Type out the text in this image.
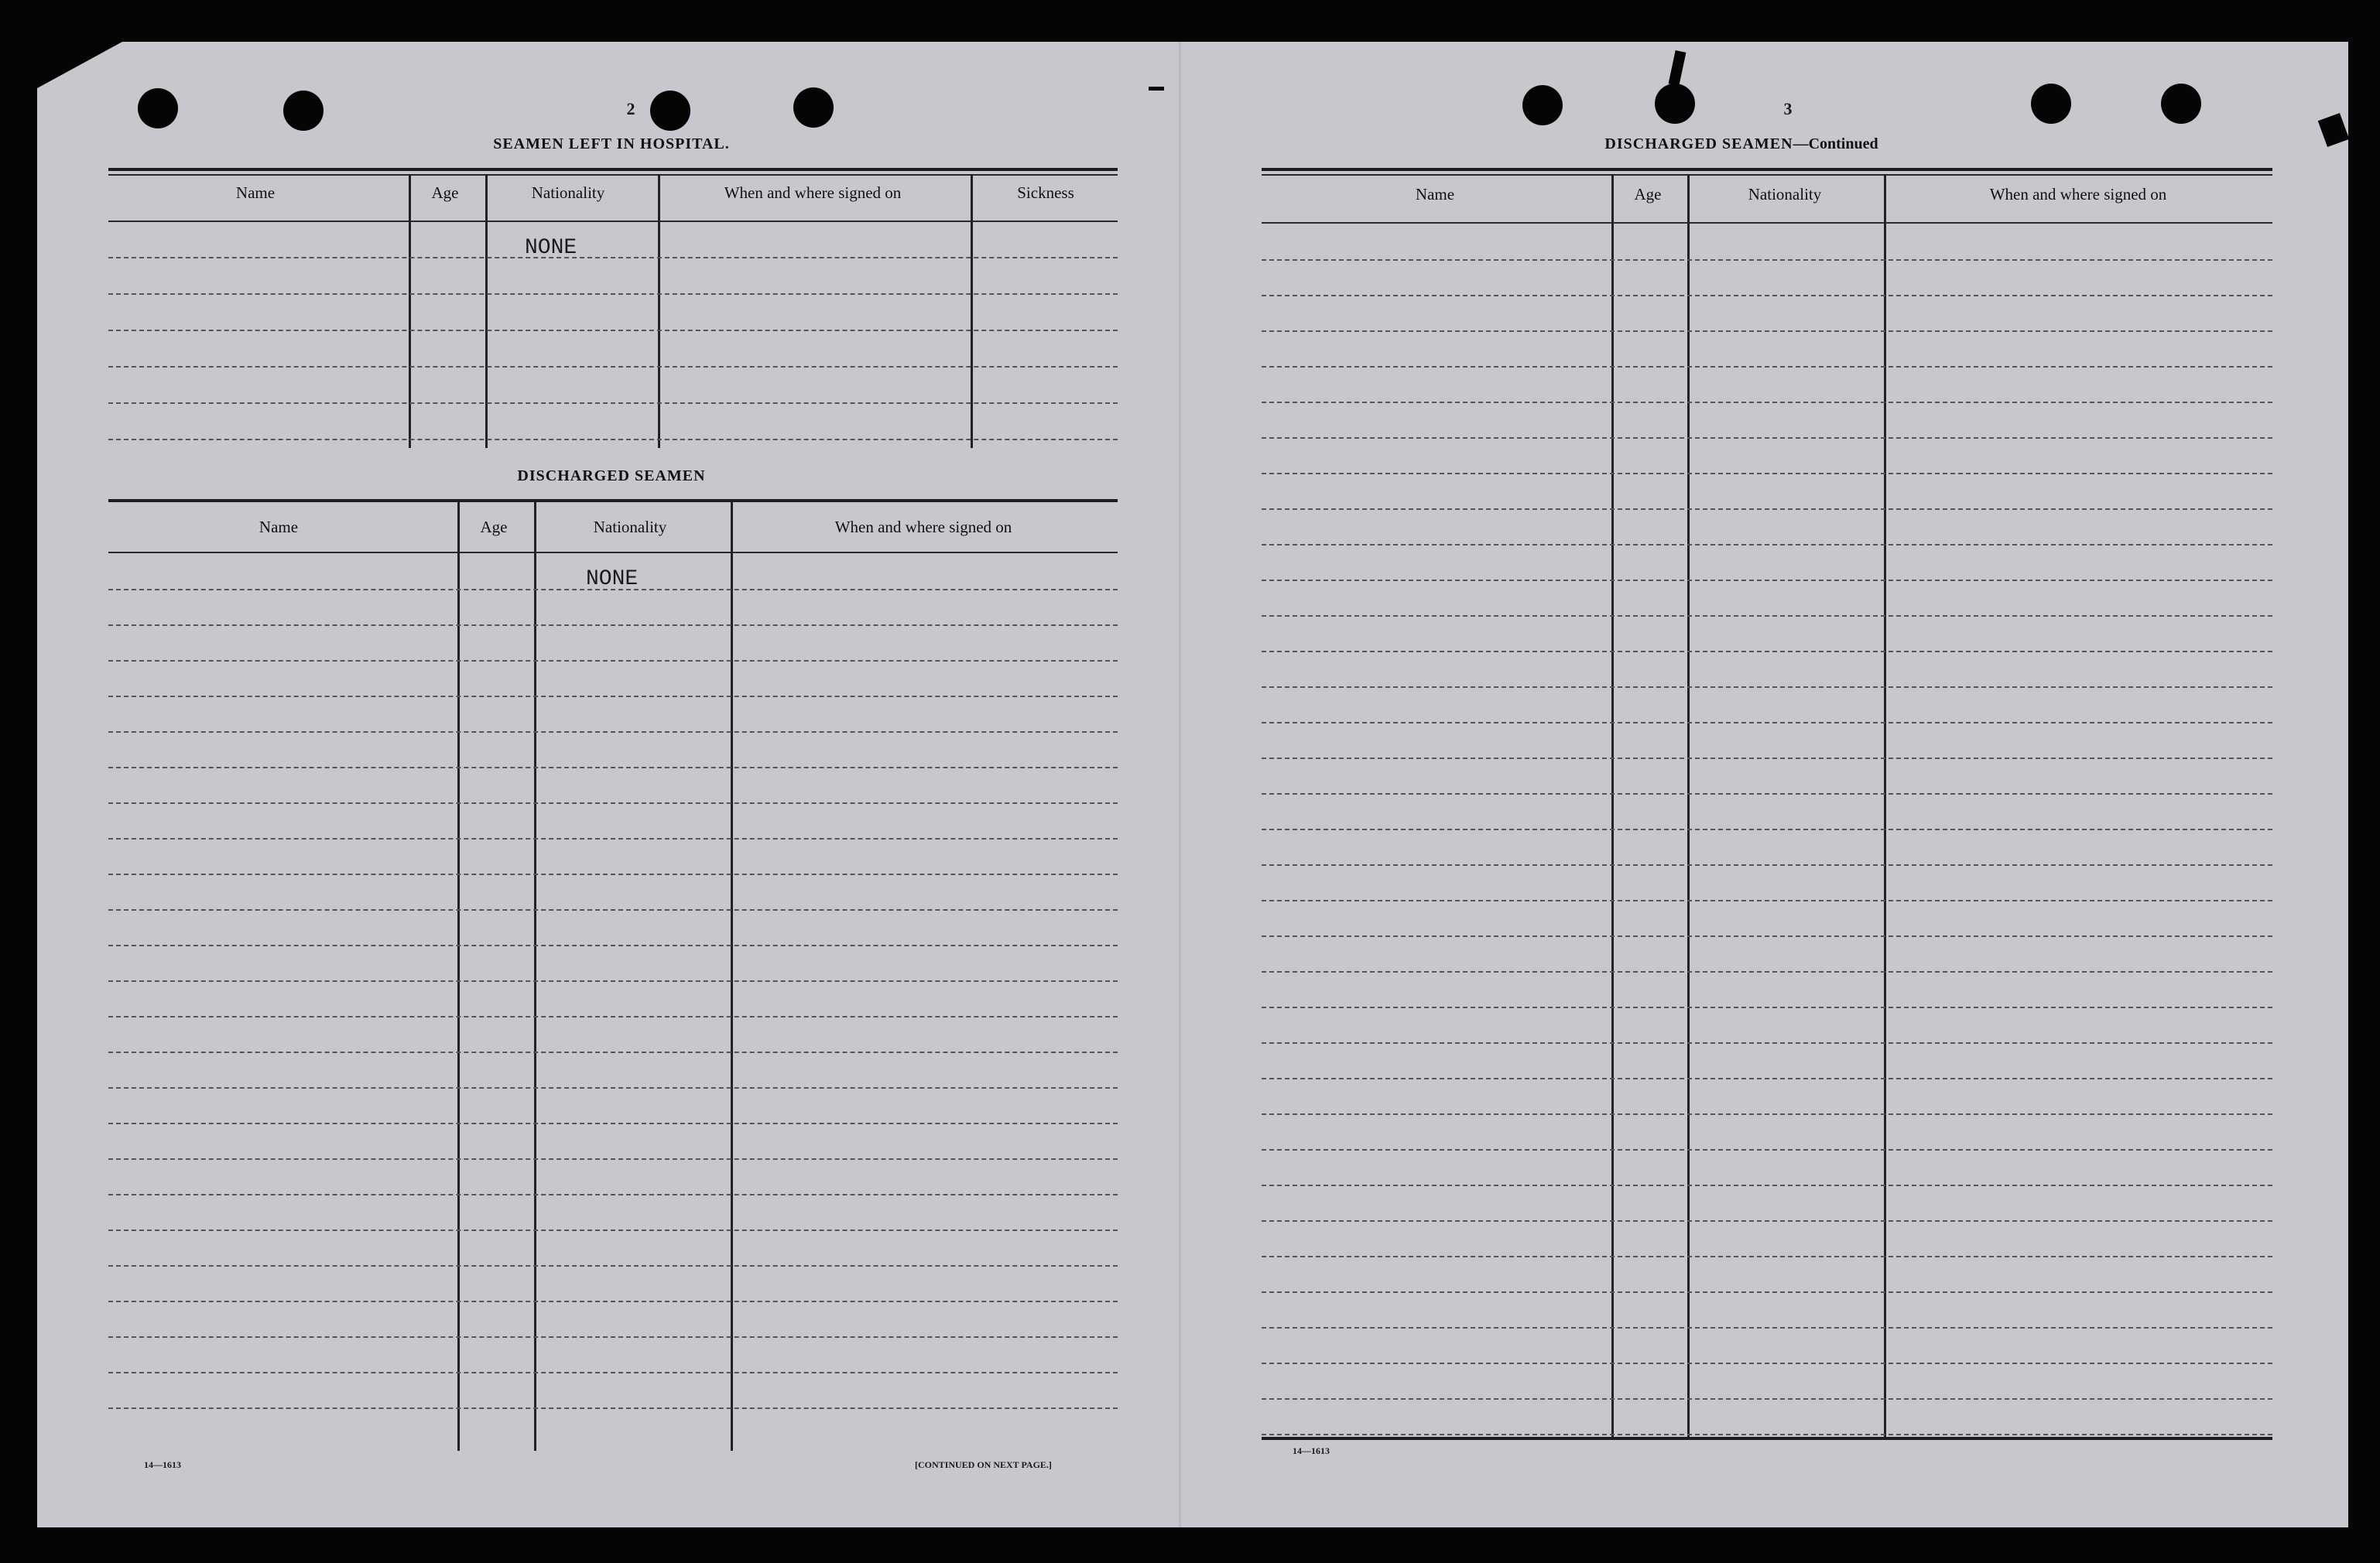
2
SEAMEN LEFT IN HOSPITAL.
Name	Age	Nationality	When and where signed on	Sickness
NONE
DISCHARGED SEAMEN
Name	Age	Nationality	When and where signed on
NONE
14—1613	[CONTINUED ON NEXT PAGE.]
3
DISCHARGED SEAMEN—Continued
Name	Age	Nationality	When and where signed on
14—1613
